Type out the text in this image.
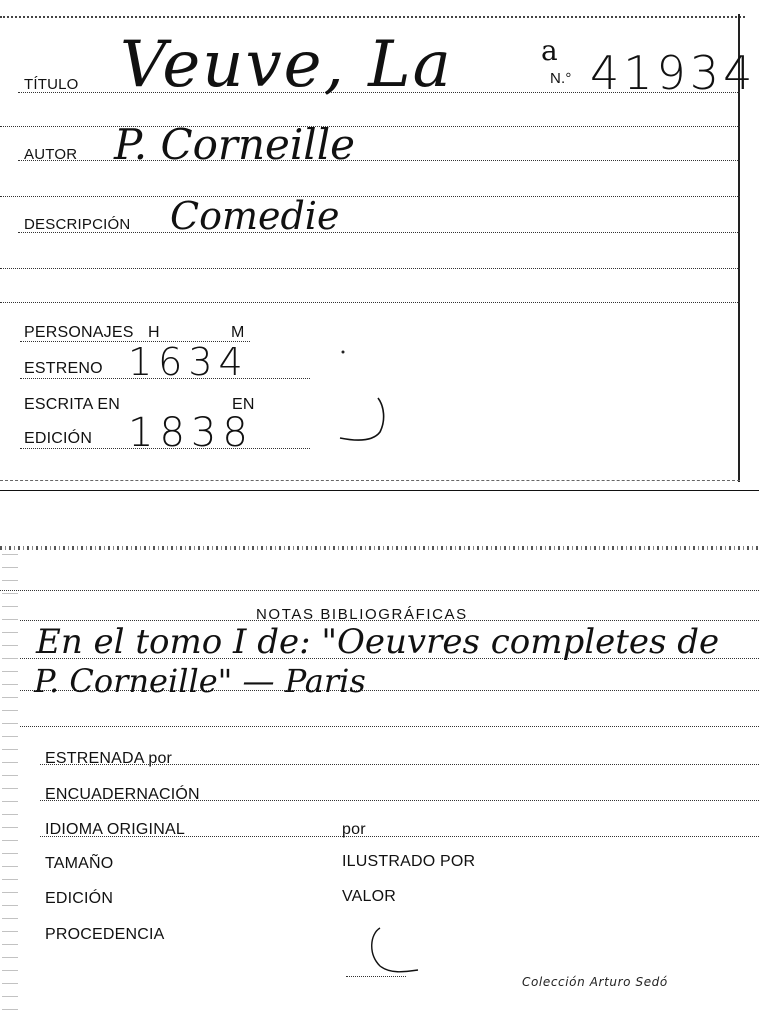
TÍTULO Veuve, La	a
N.° 41934
AUTOR P. Corneille
DESCRIPCIÓN Comedie
PERSONAJES H	M
ESTRENO 1634
ESCRITA EN	EN
EDICIÓN 1838
NOTAS BIBLIOGRÁFICAS
En el tomo I de: "Oeuvres completes de
P. Corneille" — Paris
ESTRENADA por
ENCUADERNACIÓN
IDIOMA ORIGINAL	por
TAMAÑO	ILUSTRADO POR
EDICIÓN	VALOR
PROCEDENCIA
Colección Arturo Sedó
